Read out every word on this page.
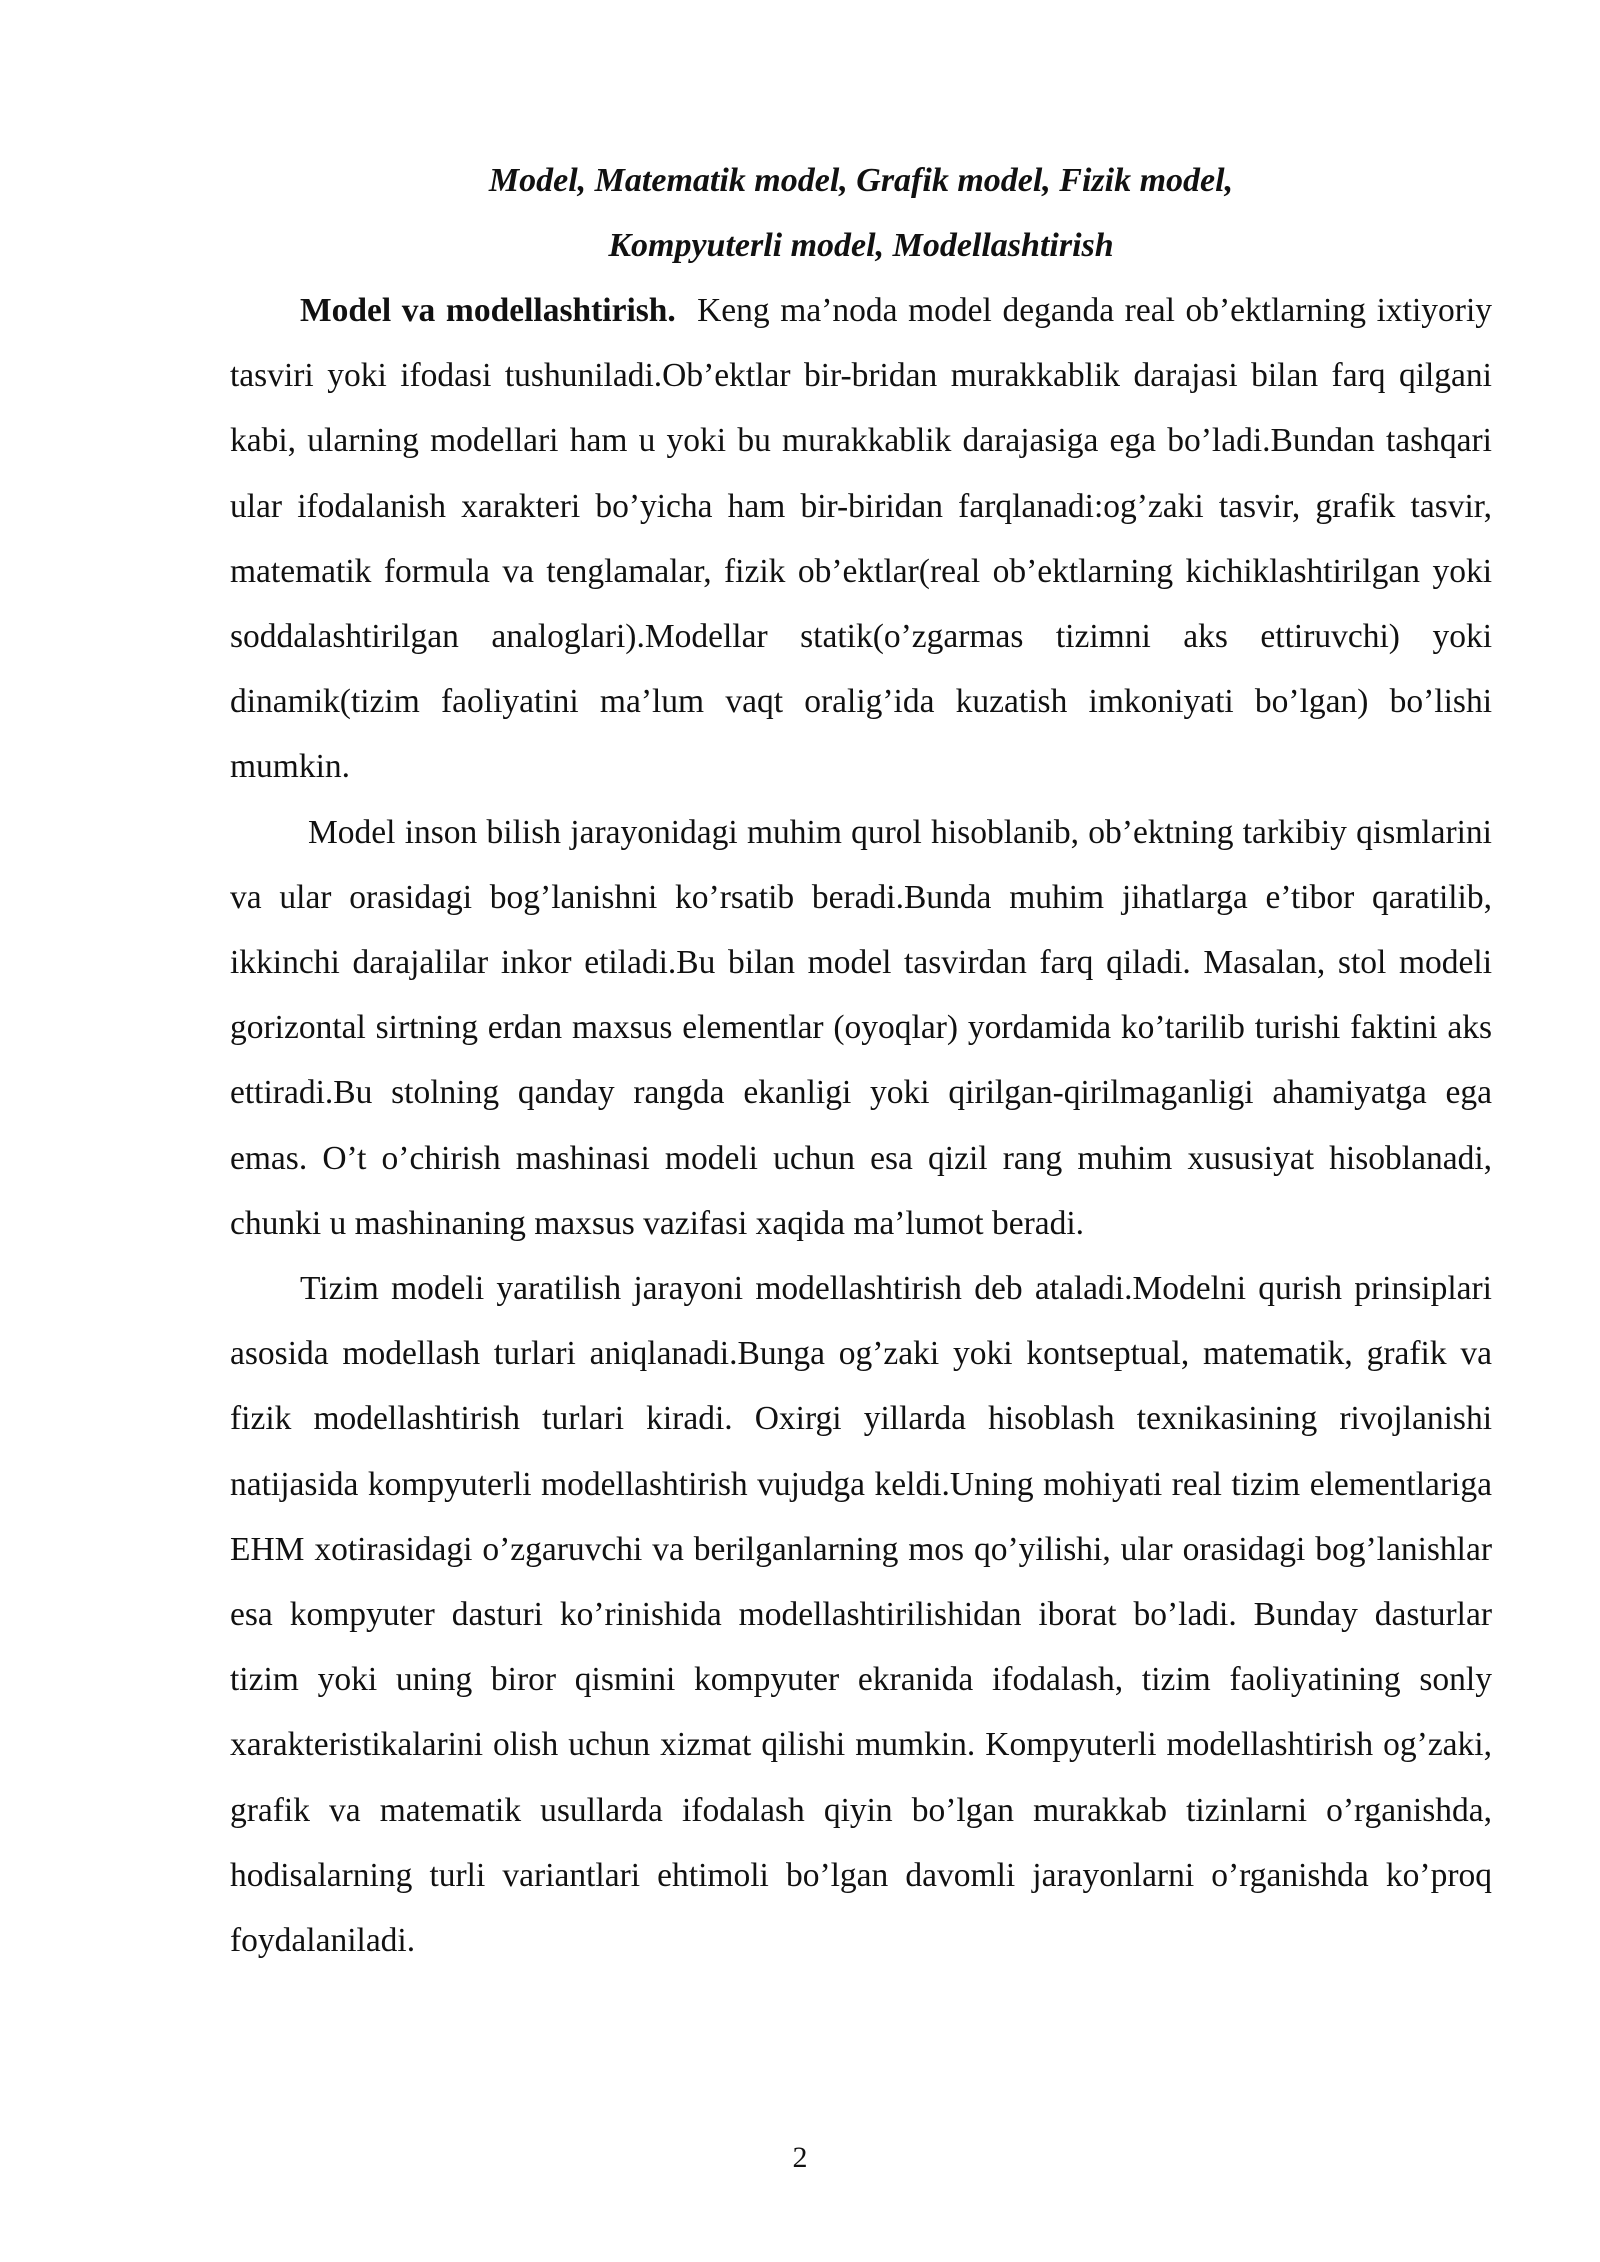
Model, Matematik model, Grafik model, Fizik model,

Kompyuterli model, Modellashtirish

Model va modellashtirish. Keng ma’noda model deganda real ob’ektlarning ixtiyoriy tasviri yoki ifodasi tushuniladi.Ob’ektlar bir-bridan murakkablik darajasi bilan farq qilgani kabi, ularning modellari ham u yoki bu murakkablik darajasiga ega bo’ladi.Bundan tashqari ular ifodalanish xarakteri bo’yicha ham bir-biridan farqlanadi:og’zaki tasvir, grafik tasvir, matematik formula va tenglamalar, fizik ob’ektlar(real ob’ektlarning kichiklashtirilgan yoki soddalashtirilgan analoglari).Modellar statik(o’zgarmas tizimni aks ettiruvchi) yoki dinamik(tizim faoliyatini ma’lum vaqt oralig’ida kuzatish imkoniyati bo’lgan) bo’lishi mumkin.

Model inson bilish jarayonidagi muhim qurol hisoblanib, ob’ektning tarkibiy qismlarini va ular orasidagi bog’lanishni ko’rsatib beradi.Bunda muhim jihatlarga e’tibor qaratilib, ikkinchi darajalilar inkor etiladi.Bu bilan model tasvirdan farq qiladi. Masalan, stol modeli gorizontal sirtning erdan maxsus elementlar (oyoqlar) yordamida ko’tarilib turishi faktini aks ettiradi.Bu stolning qanday rangda ekanligi yoki qirilgan-qirilmaganligi ahamiyatga ega emas. O’t o’chirish mashinasi modeli uchun esa qizil rang muhim xususiyat hisoblanadi, chunki u mashinaning maxsus vazifasi xaqida ma’lumot beradi.

Tizim modeli yaratilish jarayoni modellashtirish deb ataladi.Modelni qurish prinsiplari asosida modellash turlari aniqlanadi.Bunga og’zaki yoki kontseptual, matematik, grafik va fizik modellashtirish turlari kiradi. Oxirgi yillarda hisoblash texnikasining rivojlanishi natijasida kompyuterli modellashtirish vujudga keldi.Uning mohiyati real tizim elementlariga EHM xotirasidagi o’zgaruvchi va berilganlarning mos qo’yilishi, ular orasidagi bog’lanishlar esa kompyuter dasturi ko’rinishida modellashtirilishidan iborat bo’ladi. Bunday dasturlar tizim yoki uning biror qismini kompyuter ekranida ifodalash, tizim faoliyatining sonly xarakteristikalarini olish uchun xizmat qilishi mumkin. Kompyuterli modellashtirish og’zaki, grafik va matematik usullarda ifodalash qiyin bo’lgan murakkab tizinlarni o’rganishda, hodisalarning turli variantlari ehtimoli bo’lgan davomli jarayonlarni o’rganishda ko’proq foydalaniladi.

2
